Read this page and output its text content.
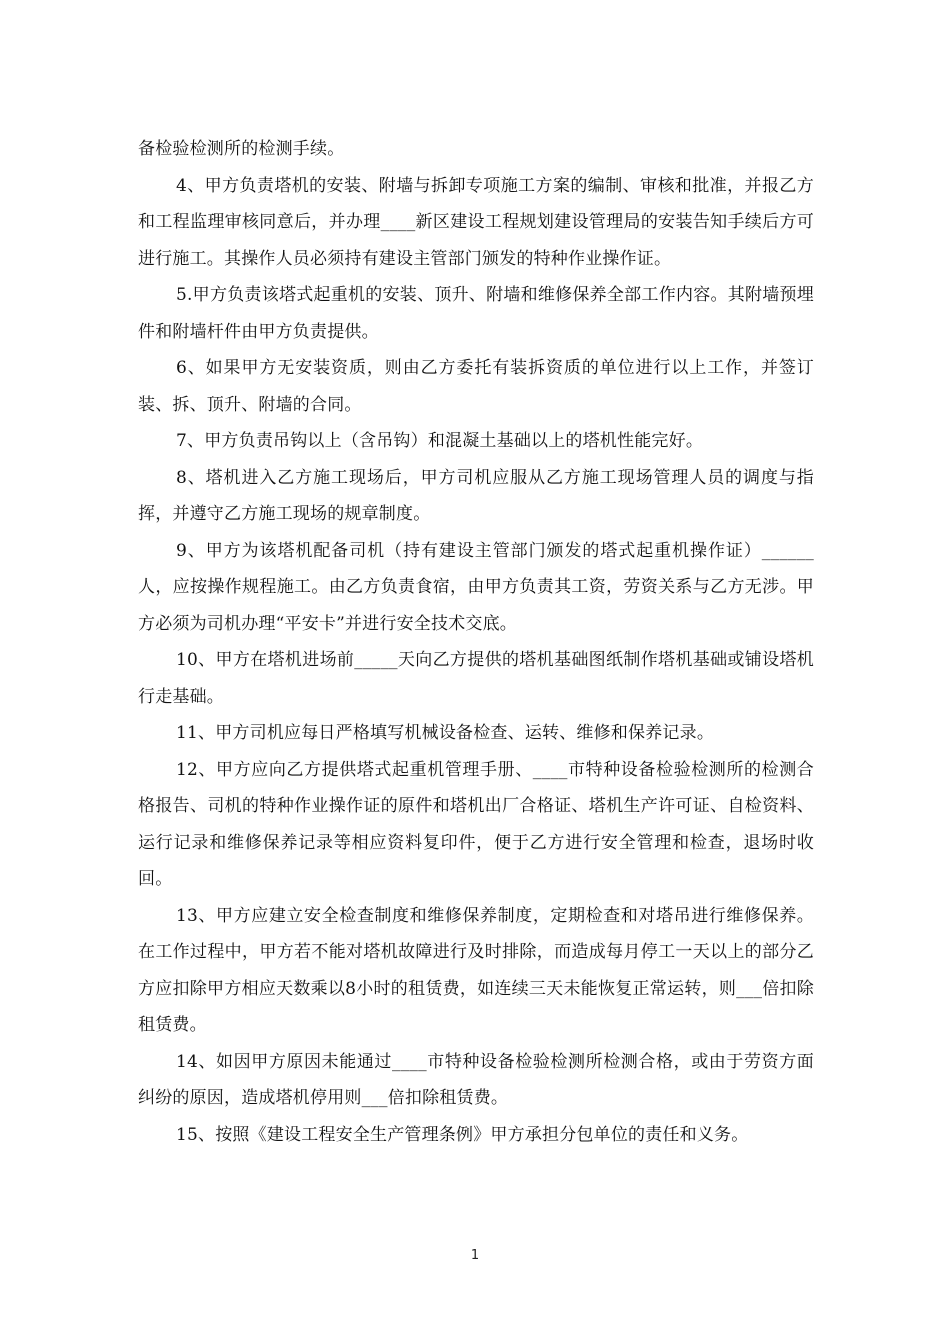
备检验检测所的检测手续。

4、甲方负责塔机的安装、附墙与拆卸专项施工方案的编制、审核和批准，并报乙方和工程监理审核同意后，并办理____新区建设工程规划建设管理局的安装告知手续后方可进行施工。其操作人员必须持有建设主管部门颁发的特种作业操作证。

5.甲方负责该塔式起重机的安装、顶升、附墙和维修保养全部工作内容。其附墙预埋件和附墙杆件由甲方负责提供。

6、如果甲方无安装资质，则由乙方委托有装拆资质的单位进行以上工作，并签订装、拆、顶升、附墙的合同。

7、甲方负责吊钩以上（含吊钩）和混凝土基础以上的塔机性能完好。

8、塔机进入乙方施工现场后，甲方司机应服从乙方施工现场管理人员的调度与指挥，并遵守乙方施工现场的规章制度。

9、甲方为该塔机配备司机（持有建设主管部门颁发的塔式起重机操作证）______人，应按操作规程施工。由乙方负责食宿，由甲方负责其工资，劳资关系与乙方无涉。甲方必须为司机办理“平安卡”并进行安全技术交底。

10、甲方在塔机进场前_____天向乙方提供的塔机基础图纸制作塔机基础或铺设塔机行走基础。

11、甲方司机应每日严格填写机械设备检查、运转、维修和保养记录。

12、甲方应向乙方提供塔式起重机管理手册、____市特种设备检验检测所的检测合格报告、司机的特种作业操作证的原件和塔机出厂合格证、塔机生产许可证、自检资料、运行记录和维修保养记录等相应资料复印件，便于乙方进行安全管理和检查，退场时收回。

13、甲方应建立安全检查制度和维修保养制度，定期检查和对塔吊进行维修保养。在工作过程中，甲方若不能对塔机故障进行及时排除，而造成每月停工一天以上的部分乙方应扣除甲方相应天数乘以8小时的租赁费，如连续三天未能恢复正常运转，则___倍扣除租赁费。

14、如因甲方原因未能通过____市特种设备检验检测所检测合格，或由于劳资方面纠纷的原因，造成塔机停用则___倍扣除租赁费。

15、按照《建设工程安全生产管理条例》甲方承担分包单位的责任和义务。

1
